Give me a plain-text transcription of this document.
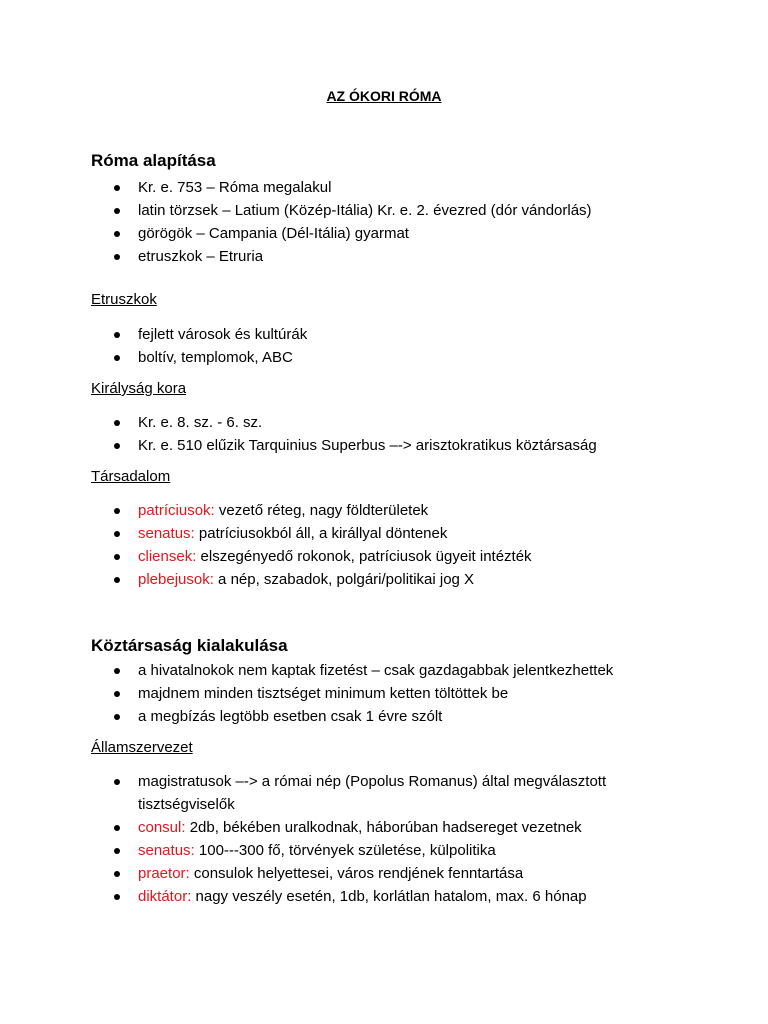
AZ ÓKORI RÓMA
Róma alapítása
Kr. e. 753 – Róma megalakul
latin törzsek – Latium (Közép-Itália) Kr. e. 2. évezred (dór vándorlás)
görögök – Campania (Dél-Itália) gyarmat
etruszkok – Etruria
Etruszkok
fejlett városok és kultúrák
boltív, templomok, ABC
Királyság kora
Kr. e. 8. sz. - 6. sz.
Kr. e. 510 elűzik Tarquinius Superbus –-> arisztokratikus köztársaság
Társadalom
patríciusok: vezető réteg, nagy földterületek
senatus: patríciusokból áll, a királlyal döntenek
cliensek: elszegényedő rokonok, patríciusok ügyeit intézték
plebejusok: a nép, szabadok, polgári/politikai jog X
Köztársaság kialakulása
a hivatalnokok nem kaptak fizetést – csak gazdagabbak jelentkezhettek
majdnem minden tisztséget minimum ketten töltöttek be
a megbízás legtöbb esetben csak 1 évre szólt
Államszervezet
magistratusok –-> a római nép (Popolus Romanus) által megválasztott tisztségviselők
consul: 2db, békében uralkodnak, háborúban hadsereget vezetnek
senatus: 100---300 fő, törvények születése, külpolitika
praetor: consulok helyettesei, város rendjének fenntartása
diktátor: nagy veszély esetén, 1db, korlátlan hatalom, max. 6 hónap
